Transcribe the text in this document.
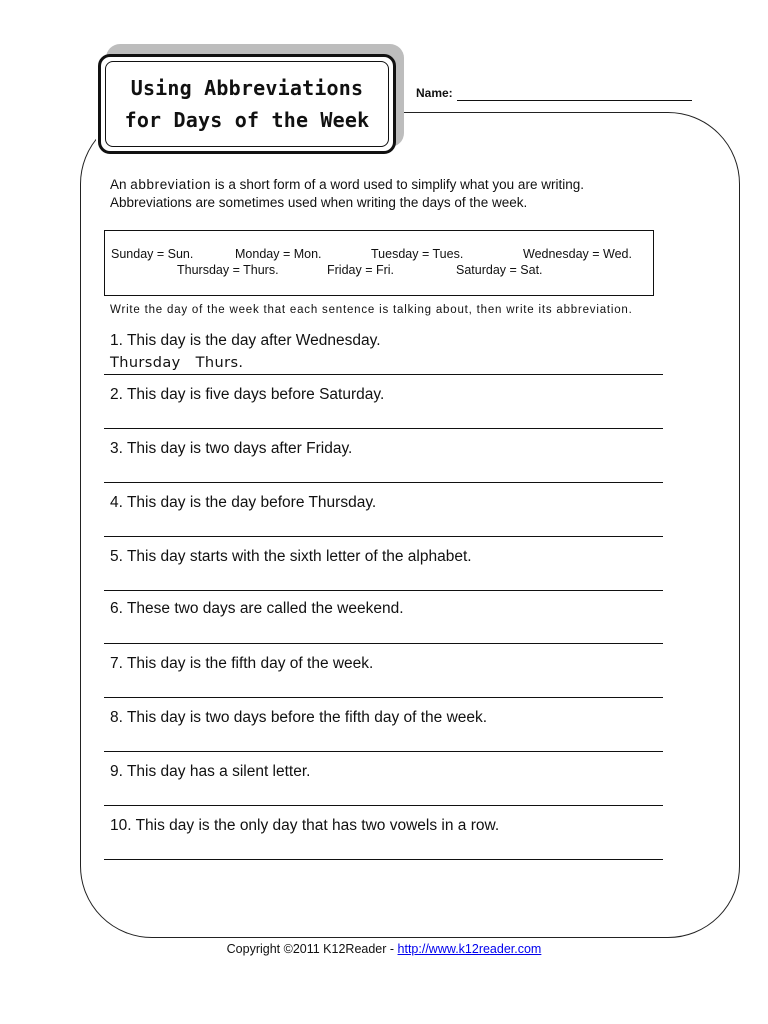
Using Abbreviations
for Days of the Week
Name:
An abbreviation is a short form of a word used to simplify what you are writing.
Abbreviations are sometimes used when writing the days of the week.
Sunday = Sun.	Monday = Mon.	Tuesday = Tues.	Wednesday = Wed.
Thursday = Thurs.	Friday = Fri.	Saturday = Sat.
Write the day of the week that each sentence is talking about, then write its abbreviation.
1. This day is the day after Wednesday.
Thursday Thurs.
2. This day is five days before Saturday.
3. This day is two days after Friday.
4. This day is the day before Thursday.
5. This day starts with the sixth letter of the alphabet.
6. These two days are called the weekend.
7. This day is the fifth day of the week.
8. This day is two days before the fifth day of the week.
9. This day has a silent letter.
10. This day is the only day that has two vowels in a row.
Copyright ©2011 K12Reader - http://www.k12reader.com
